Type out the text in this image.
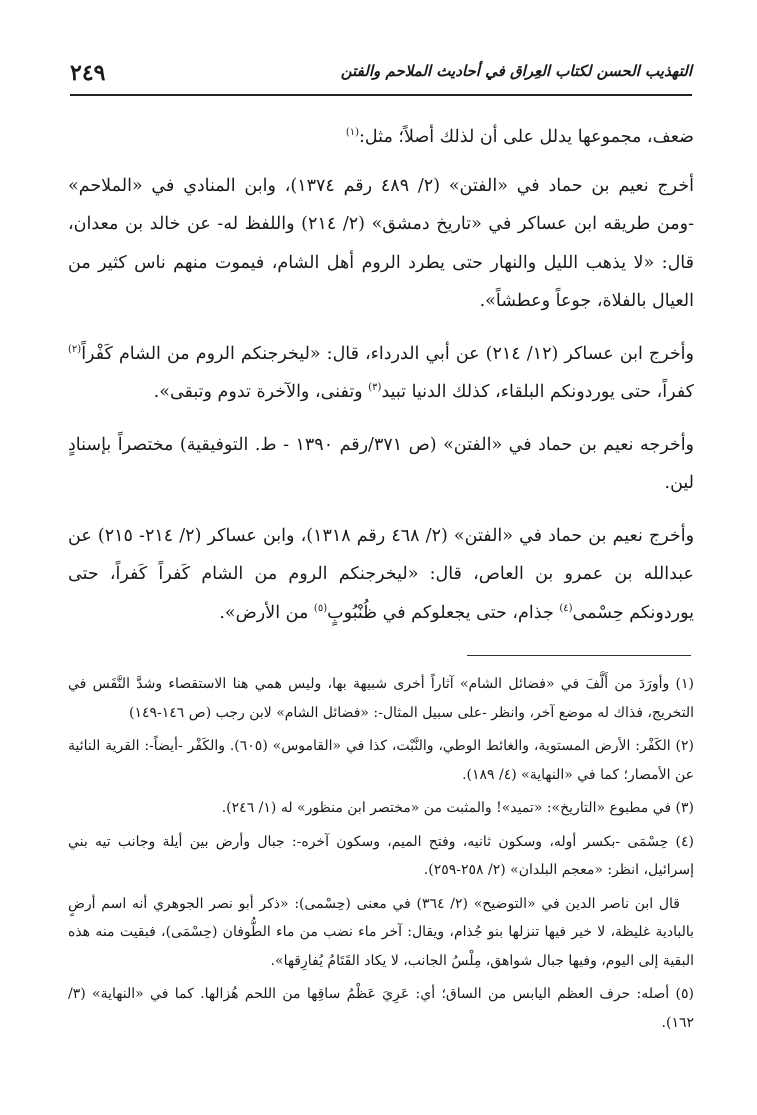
٢٤٩	التهذيب الحسن لكتاب العِراق في أحاديث الملاحم والفتن

ضعف، مجموعها يدلل على أن لذلك أصلاً؛ مثل:$^{(١)}$

أخرج نعيم بن حماد في «الفتن» (٢/ ٤٨٩ رقم ١٣٧٤)، وابن المنادي في «الملاحم» -ومن طريقه ابن عساكر في «تاريخ دمشق» (٢/ ٢١٤) واللفظ له- عن خالد بن معدان، قال: «لا يذهب الليل والنهار حتى يطرد الروم أهل الشام، فيموت منهم ناس كثير من العيال بالفلاة، جوعاً وعطشاً».

وأخرج ابن عساكر (١٢/ ٢١٤) عن أبي الدرداء، قال: «ليخرجنكم الروم من الشام كَفْراً$^{(٢)}$ كفراً، حتى يوردونكم البلقاء، كذلك الدنيا تبيد$^{(٣)}$ وتفنى، والآخرة تدوم وتبقى».

وأخرجه نعيم بن حماد في «الفتن» (ص ٣٧١/رقم ١٣٩٠ - ط. التوفيقية) مختصراً بإسنادٍ لين.

وأخرج نعيم بن حماد في «الفتن» (٢/ ٤٦٨ رقم ١٣١٨)، وابن عساكر (٢/ ٢١٤- ٢١٥) عن عبدالله بن عمرو بن العاص، قال: «ليخرجنكم الروم من الشام كَفراً كَفراً، حتى يوردونكم حِسْمى$^{(٤)}$ جذام، حتى يجعلوكم في ظُنْبُوبٍ$^{(٥)}$ من الأرض».

(١) وأورَدَ من أَلَّفَ في «فضائل الشام» آثاراً أخرى شبيهة بها، وليس همي هنا الاستقصاء وشدَّ النَّفَس في التخريج، فذاك له موضع آخر، وانظر -على سبيل المثال-: «فضائل الشام» لابن رجب (ص ١٤٦-١٤٩)

(٢) الكَفْر: الأرض المستوية، والغائط الوطي، والنَّبْت، كذا في «القاموس» (٦٠٥). والكَفْر -أيضاً-: القرية النائية عن الأمصار؛ كما في «النهاية» (٤/ ١٨٩).

(٣) في مطبوع «التاريخ»: «تميد»! والمثبت من «مختصر ابن منظور» له (١/ ٢٤٦).

(٤) حِسْمَى -بكسر أوله، وسكون ثانيه، وفتح الميم، وسكون آخره-: جبال وأرض بين أيلة وجانب تيه بني إسرائيل، انظر: «معجم البلدان» (٢/ ٢٥٨-٢٥٩).

قال ابن ناصر الدين في «التوضيح» (٢/ ٣٦٤) في معنى (حِسْمى): «ذكر أبو نصر الجوهري أنه اسم أرضٍ بالبادية غليظة، لا خير فيها تنزلها بنو جُذام، ويقال: آخر ماء نضب من ماء الطُّوفان (حِسْمَى)، فبقيت منه هذه البقية إلى اليوم، وفيها جبال شواهق، مِلْسُ الجانب، لا يكاد القَتَامُ يُفارِقها».

(٥) أصله: حرف العظم اليابس من الساق؛ أي: عَرِيَ عَظْمُ ساقِها من اللحم هُزالها. كما في «النهاية» (٣/ ١٦٢).
